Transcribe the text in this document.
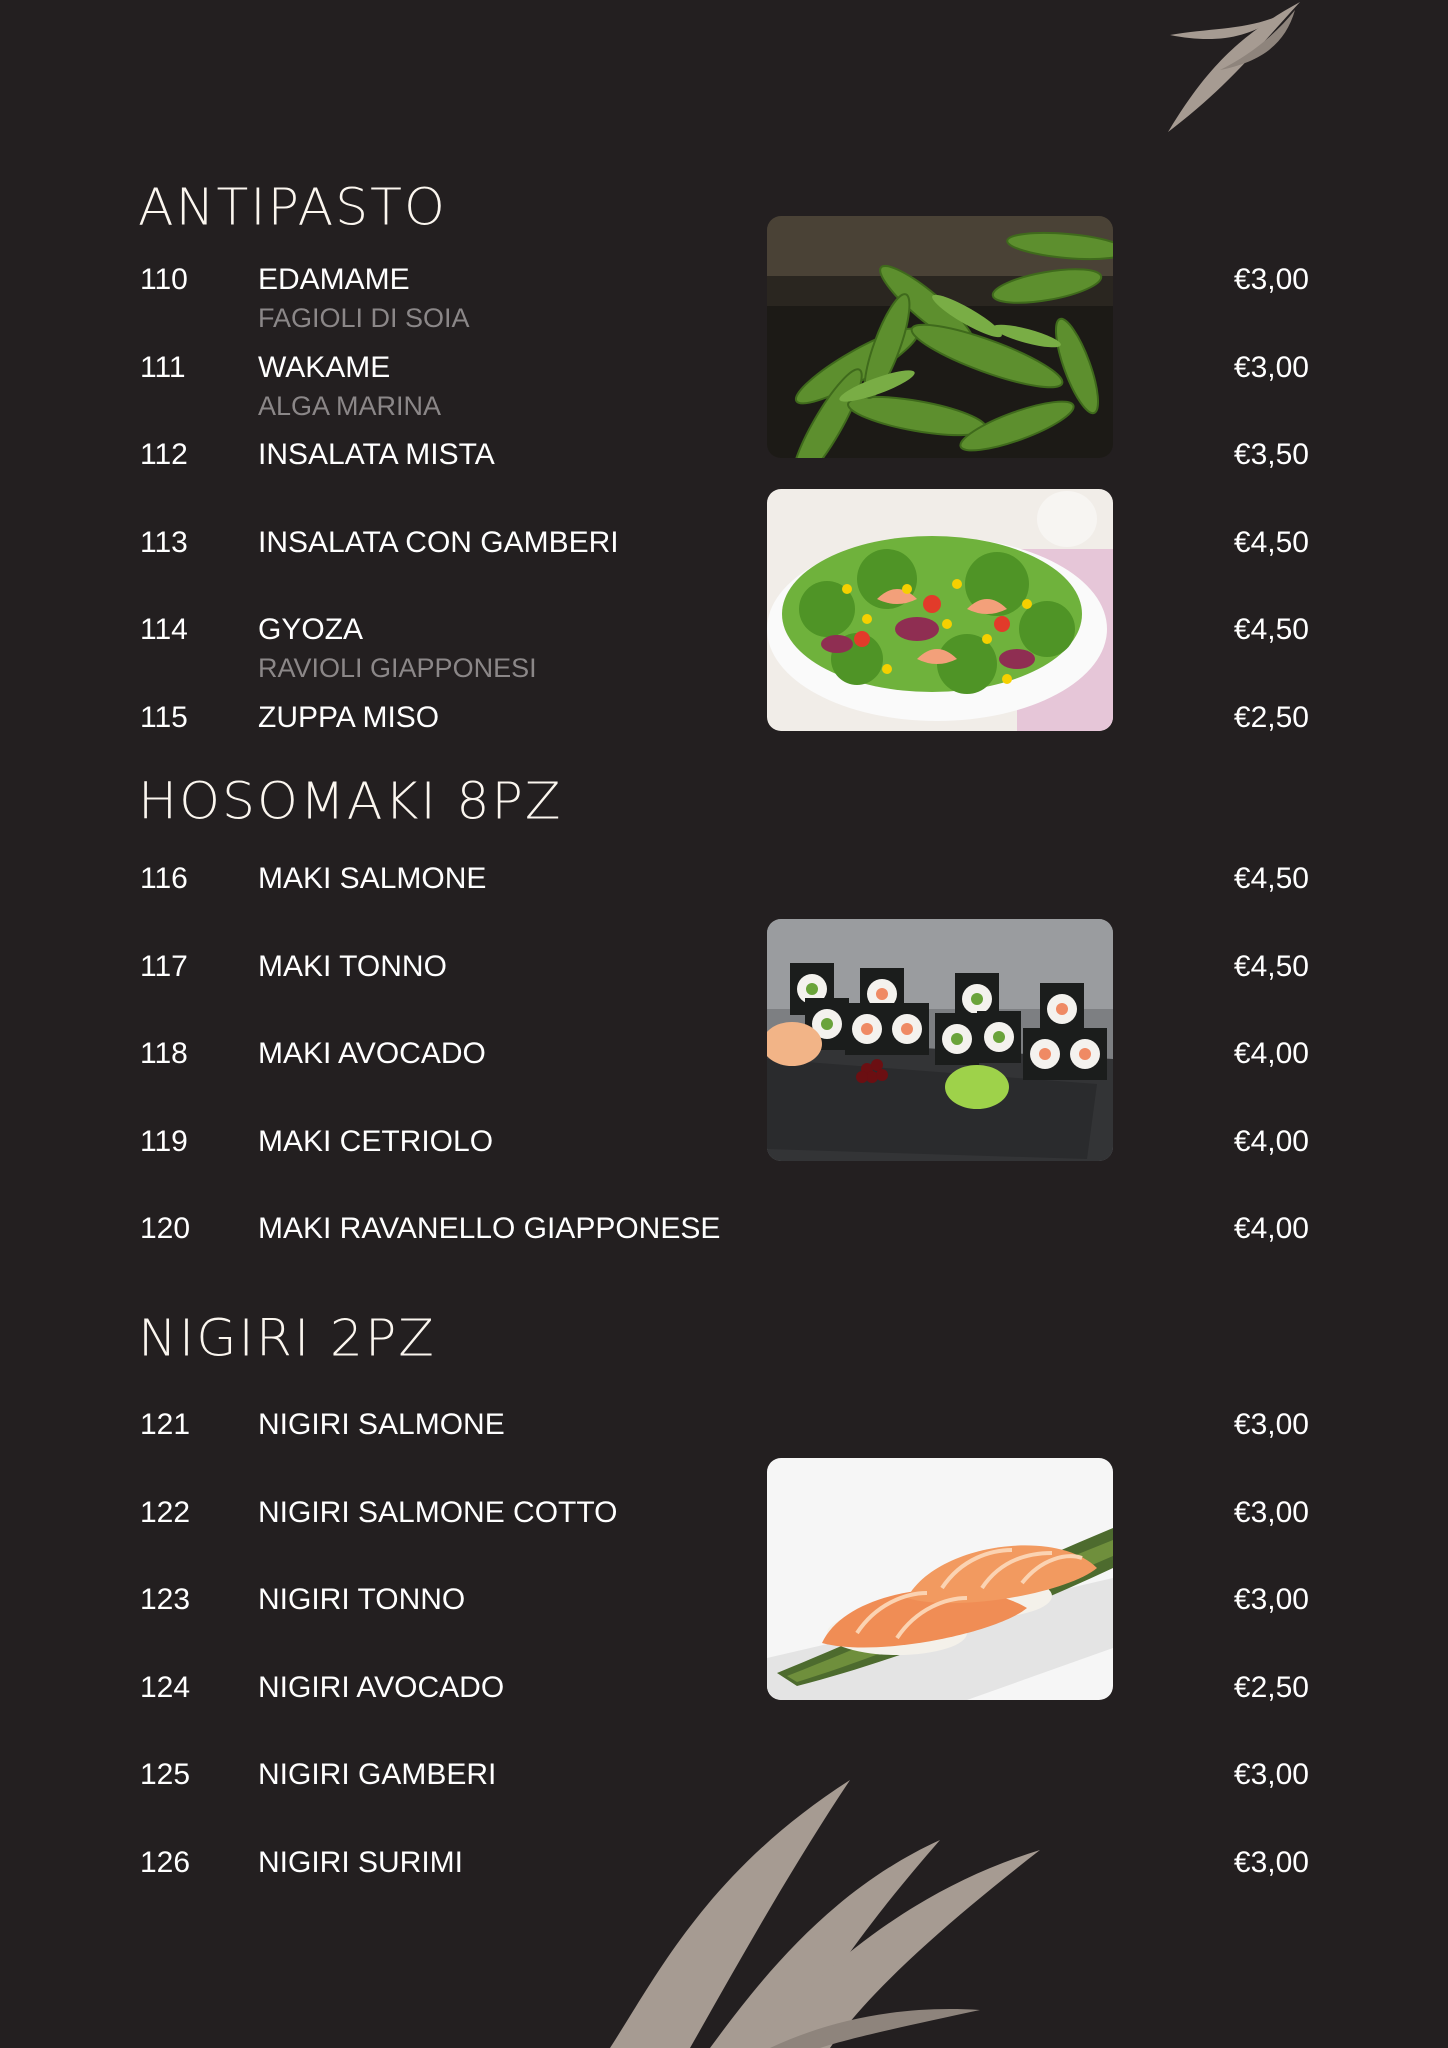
ANTIPASTO
110 EDAMAME
FAGIOLI DI SOIA
€3,00
111 WAKAME
ALGA MARINA
€3,00
112 INSALATA MISTA	€3,50
113 INSALATA CON GAMBERI	€4,50
114 GYOZA
RAVIOLI GIAPPONESI
€4,50
115 ZUPPA MISO	€2,50
HOSOMAKI 8PZ
116 MAKI SALMONE	€4,50
117 MAKI TONNO	€4,50
118 MAKI AVOCADO	€4,00
119 MAKI CETRIOLO	€4,00
120 MAKI RAVANELLO GIAPPONESE	€4,00
NIGIRI 2PZ
121 NIGIRI SALMONE	€3,00
122 NIGIRI SALMONE COTTO	€3,00
123 NIGIRI TONNO	€3,00
124 NIGIRI AVOCADO	€2,50
125 NIGIRI GAMBERI	€3,00
126 NIGIRI SURIMI	€3,00
